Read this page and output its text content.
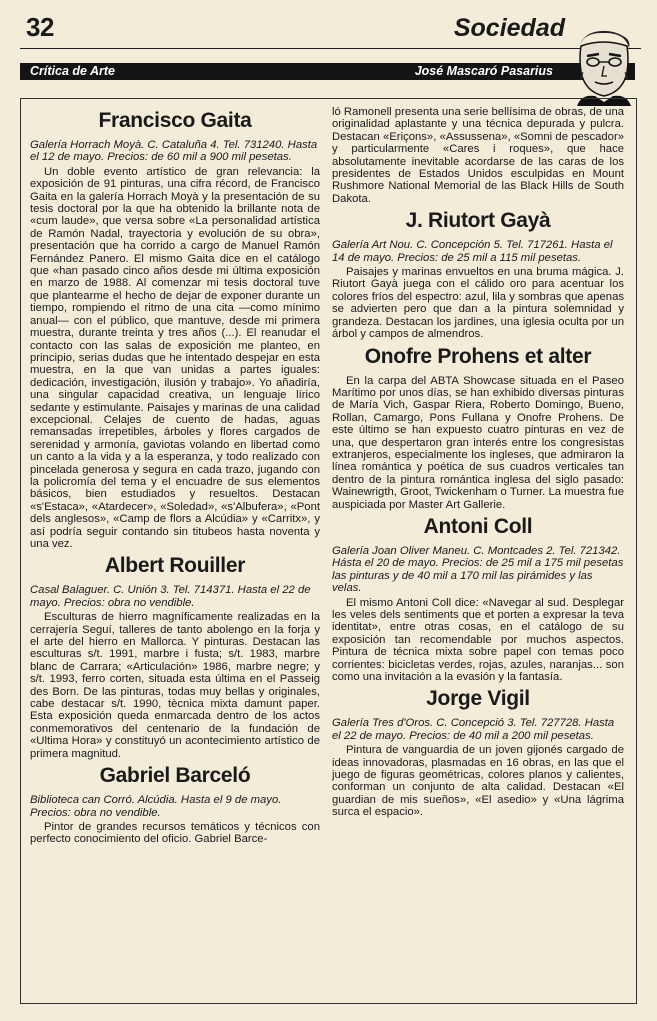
32	Sociedad
Crítica de Arte	José Mascaró Pasarius
Francisco Gaita

Galería Horrach Moyà. C. Cataluña 4. Tel. 731240. Hasta el 12 de mayo. Precios: de 60 mil a 900 mil pesetas.

Un doble evento artístico de gran relevancia: la exposición de 91 pinturas, una cifra récord, de Francisco Gaita en la galería Horrach Moyà y la presentación de su tesis doctoral por la que ha obtenido la brillante nota de «cum laude», que versa sobre «La personalidad artística de Ramón Nadal, trayectoria y evolución de su obra», presentación que ha corrido a cargo de Manuel Ramón Fernández Panero. El mismo Gaita dice en el catálogo que «han pasado cinco años desde mi última exposición en marzo de 1988. Al comenzar mi tesis doctoral tuve que plantearme el hecho de dejar de exponer durante un tiempo, rompiendo el ritmo de una cita —como mínimo anual— con el público, que mantuve, desde mi primera muestra, durante treinta y tres años (...). El reanudar el contacto con las salas de exposición me planteo, en principio, serias dudas que he intentado despejar en esta muestra, en la que van unidas a partes iguales: dedicación, investigación, ilusión y trabajo». Yo añadiría, una singular capacidad creativa, un lenguaje lírico sedante y estimulante. Paisajes y marinas de una calidad excepcional. Celajes de cuento de hadas, aguas remansadas irrepetibles, árboles y flores cargados de serenidad y armonía, gaviotas volando en libertad como un canto a la vida y a la esperanza, y todo realizado con pincelada generosa y segura en cada trazo, jugando con la policromía del tema y el encuadre de sus elementos básicos, bien estudiados y resueltos. Destacan «s'Estaca», «Atardecer», «Soledad», «s'Albufera», «Pont dels anglesos», «Camp de flors a Alcúdia» y «Carritx», y así podría seguir contando sin titubeos hasta noventa y una vez.

Albert Rouiller

Casal Balaguer. C. Unión 3. Tel. 714371. Hasta el 22 de mayo. Precios: obra no vendible.

Esculturas de hierro magníficamente realizadas en la cerrajería Seguí, talleres de tanto abolengo en la forja y el arte del hierro en Mallorca. Y pinturas. Destacan las esculturas s/t. 1991, marbre i fusta; s/t. 1983, marbre blanc de Carrara; «Articulación» 1986, marbre negre; y s/t. 1993, ferro corten, situada esta última en el Passeig des Born. De las pinturas, todas muy bellas y originales, cabe destacar s/t. 1990, tècnica mixta damunt paper. Esta exposición queda enmarcada dentro de los actos conmemorativos del centenario de la fundación de «Ultima Hora» y constituyó un acontecimiento artístico de primera magnitud.

Gabriel Barceló

Biblioteca can Corró. Alcúdia. Hasta el 9 de mayo. Precios: obra no vendible.

Pintor de grandes recursos temáticos y técnicos con perfecto conocimiento del oficio. Gabriel Barce-

ló Ramonell presenta una serie bellísima de obras, de una originalidad aplastante y una técnica depurada y pulcra. Destacan «Eriçons», «Assussena», «Somni de pescador» y particularmente «Cares i roques», que hace absolutamente inevitable acordarse de las caras de los presidentes de Estados Unidos esculpidas en Mount Rushmore National Memorial de las Black Hills de South Dakota.

J. Riutort Gayà

Galería Art Nou. C. Concepción 5. Tel. 717261. Hasta el 14 de mayo. Precios: de 25 mil a 115 mil pesetas.

Paisajes y marinas envueltos en una bruma mágica. J. Riutort Gayà juega con el cálido oro para acentuar los colores fríos del espectro: azul, lila y sombras que apenas se advierten pero que dan a la pintura solemnidad y grandeza. Destacan los jardines, una iglesia oculta por un árbol y campos de almendros.

Onofre Prohens et alter

En la carpa del ABTA Showcase situada en el Paseo Marítimo por unos días, se han exhibido diversas pinturas de María Vich, Gaspar Riera, Roberto Domingo, Bueno, Rollan, Camargo, Pons Fullana y Onofre Prohens. De este último se han expuesto cuatro pinturas en vez de una, que despertaron gran interés entre los congresistas extranjeros, especialmente los ingleses, que admiraron la línea romántica y poética de sus cuadros verticales tan dentro de la pintura romántica inglesa del siglo pasado: Wainewrigth, Groot, Twickenham o Turner. La muestra fue auspiciada por Master Art Gallerie.

Antoni Coll

Galería Joan Oliver Maneu. C. Montcades 2. Tel. 721342. Hásta el 20 de mayo. Precios: de 25 mil a 175 mil pesetas las pinturas y de 40 mil a 170 mil las pirámides y las velas.

El mismo Antoni Coll dice: «Navegar al sud. Desplegar les veles dels sentiments que et porten a expresar la teva identitat», entre otras cosas, en el catálogo de su exposición tan recomendable por muchos aspectos. Pintura de técnica mixta sobre papel con temas poco corrientes: bicicletas verdes, rojas, azules, naranjas... son como una invitación a la evasión y la fantasía.

Jorge Vigil

Galería Tres d'Oros. C. Concepció 3. Tel. 727728. Hasta el 22 de mayo. Precios: de 40 mil a 200 mil pesetas.

Pintura de vanguardia de un joven gijonés cargado de ideas innovadoras, plasmadas en 16 obras, en las que el juego de figuras geométricas, colores planos y calientes, conforman un conjunto de alta calidad. Destacan «El guardian de mis sueños», «El asedio» y «Una lágrima surca el espacio».
